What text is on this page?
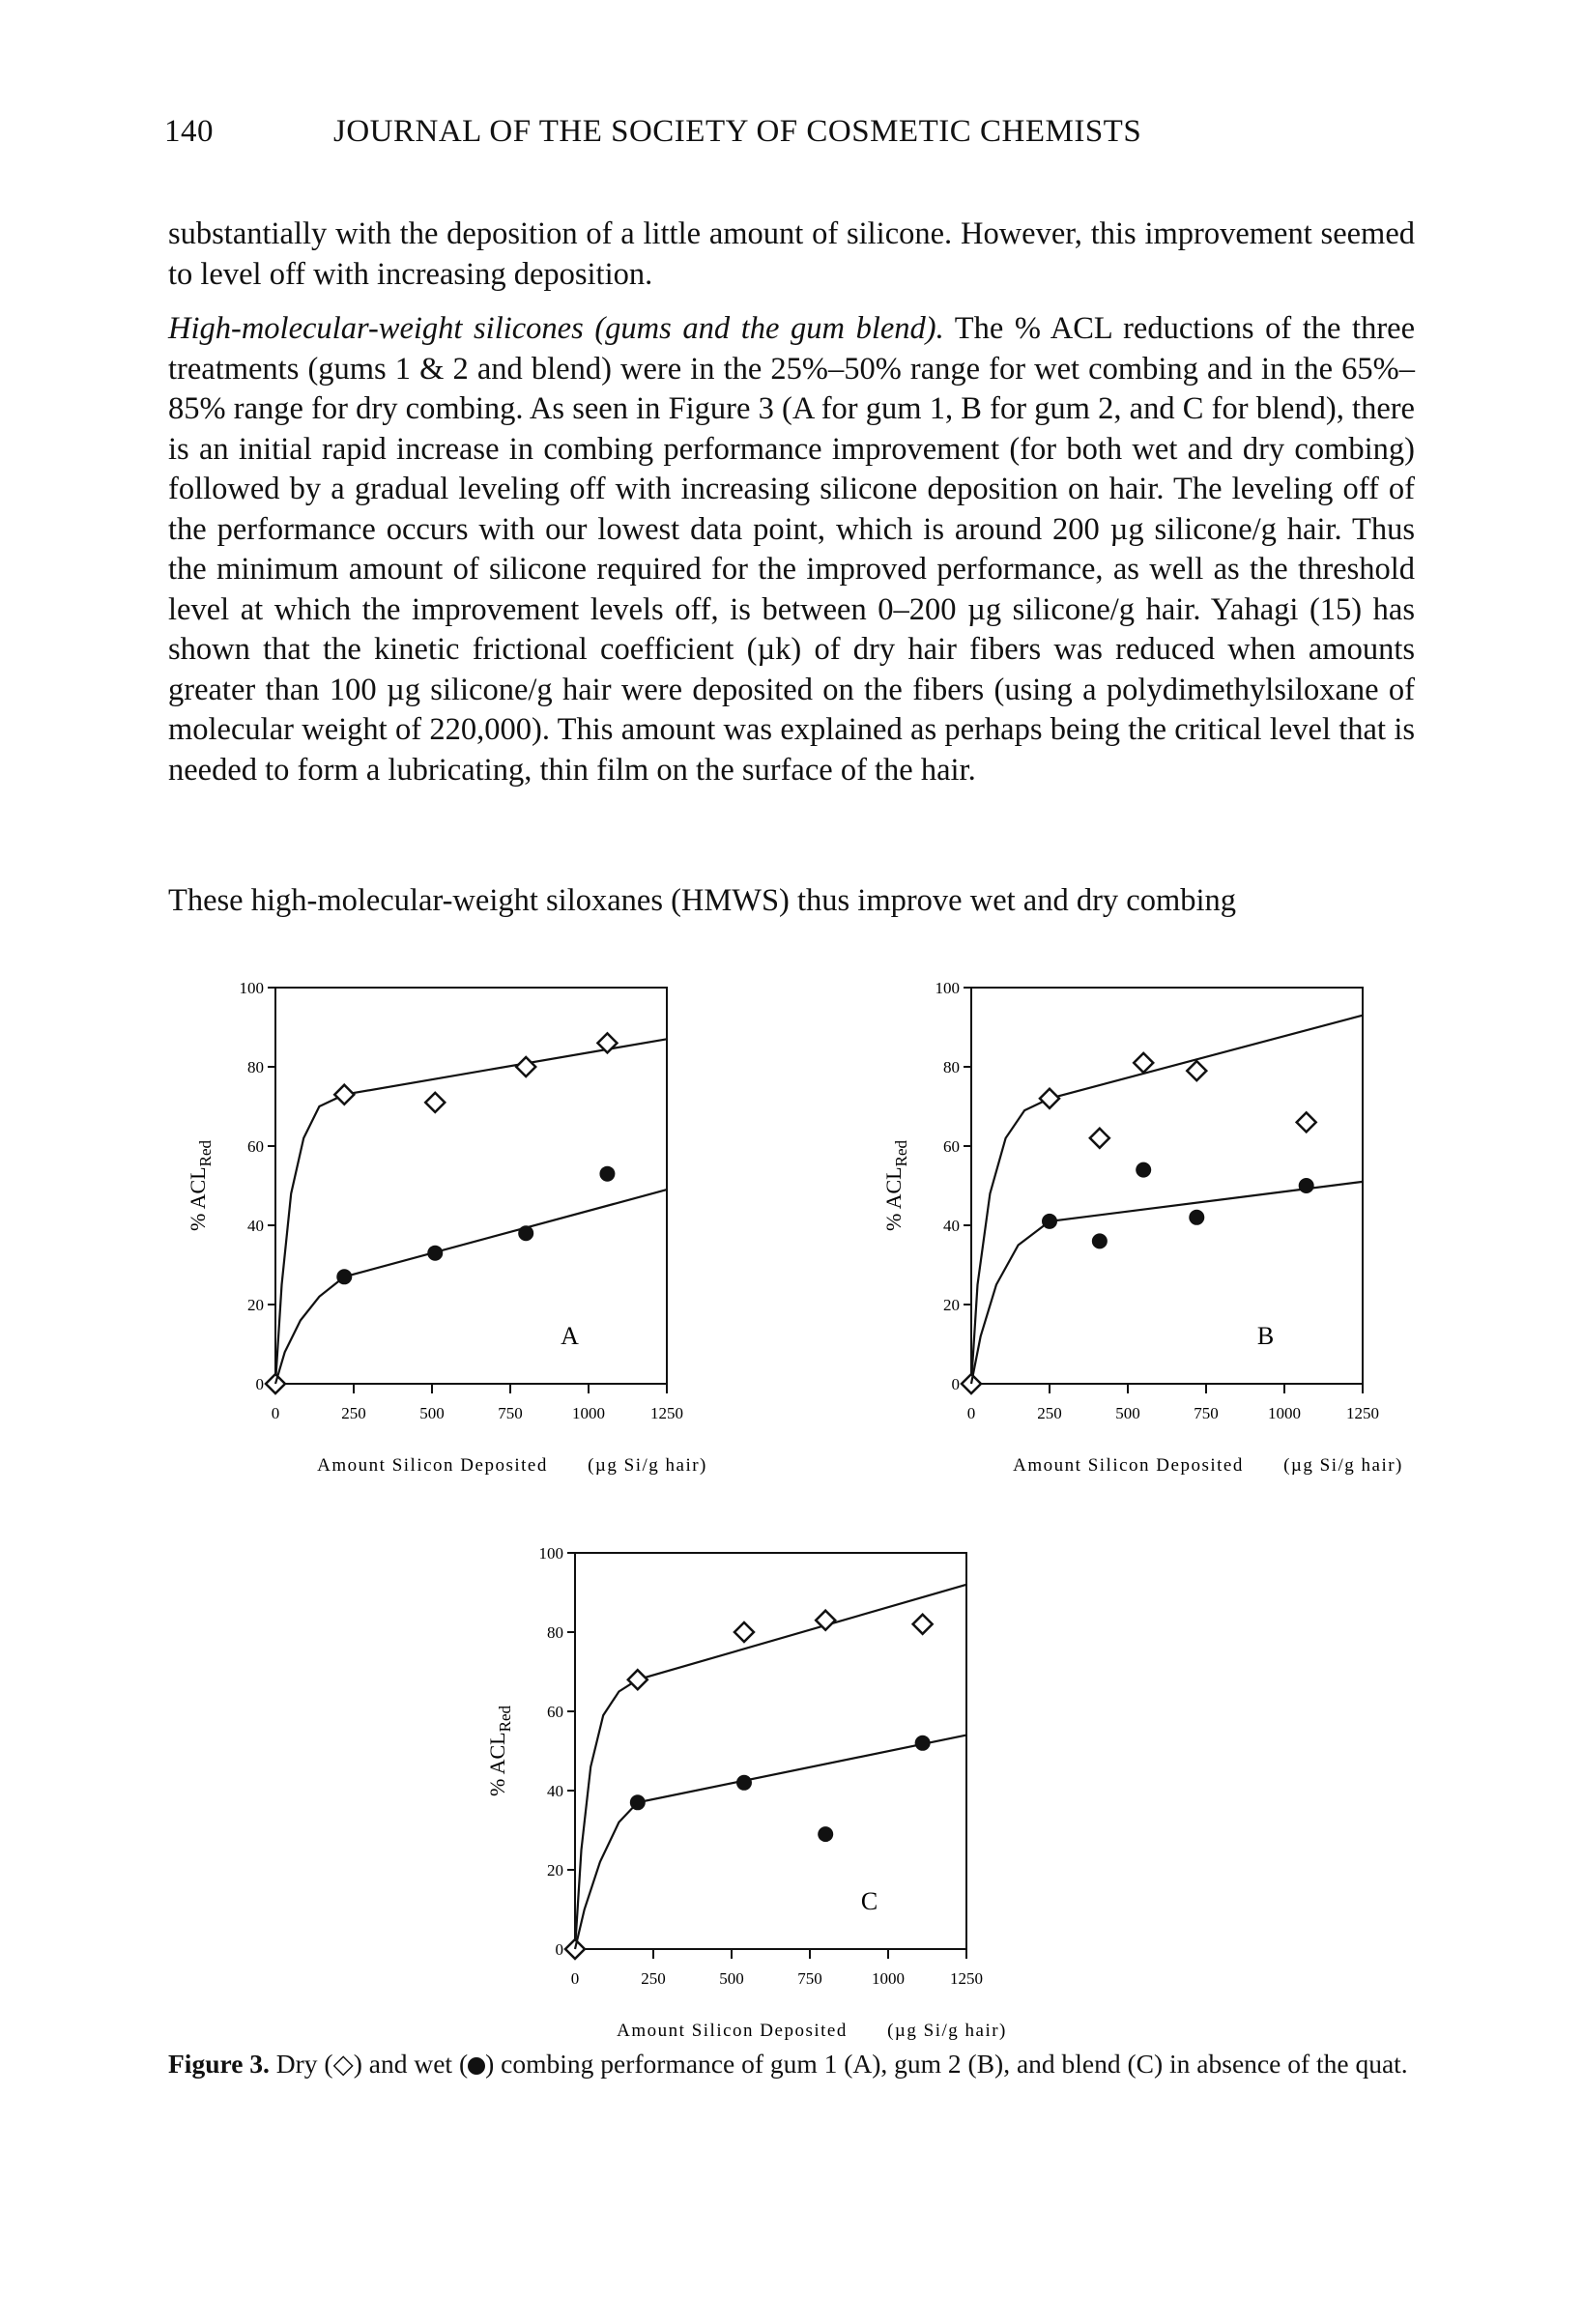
140	JOURNAL OF THE SOCIETY OF COSMETIC CHEMISTS

substantially with the deposition of a little amount of silicone. However, this improvement seemed to level off with increasing deposition.

High-molecular-weight silicones (gums and the gum blend). The % ACL reductions of the three treatments (gums 1 & 2 and blend) were in the 25%–50% range for wet combing and in the 65%–85% range for dry combing. As seen in Figure 3 (A for gum 1, B for gum 2, and C for blend), there is an initial rapid increase in combing performance improvement (for both wet and dry combing) followed by a gradual leveling off with increasing silicone deposition on hair. The leveling off of the performance occurs with our lowest data point, which is around 200 µg silicone/g hair. Thus the minimum amount of silicone required for the improved performance, as well as the threshold level at which the improvement levels off, is between 0–200 µg silicone/g hair. Yahagi (15) has shown that the kinetic frictional coefficient (µk) of dry hair fibers was reduced when amounts greater than 100 µg silicone/g hair were deposited on the fibers (using a polydimethylsiloxane of molecular weight of 220,000). This amount was explained as perhaps being the critical level that is needed to form a lubricating, thin film on the surface of the hair.

These high-molecular-weight siloxanes (HMWS) thus improve wet and dry combing

20
40
60
80
100
0
0	250	500	750	1000	1250
% $ACL_{Red}$
Amount Silicon Deposited (µg Si/g hair)
A
20
40
60
80
100
0
0	250	500	750	1000	1250
% $ACL_{Red}$
Amount Silicon Deposited (µg Si/g hair)
B
20
40
60
80
100
0
0	250	500	750	1000	1250
% $ACL_{Red}$
Amount Silicon Deposited (µg Si/g hair)
C
Figure 3. Dry (◇) and wet ( ) combing performance of gum 1 (A), gum 2 (B), and blend (C) in absence of the quat.
